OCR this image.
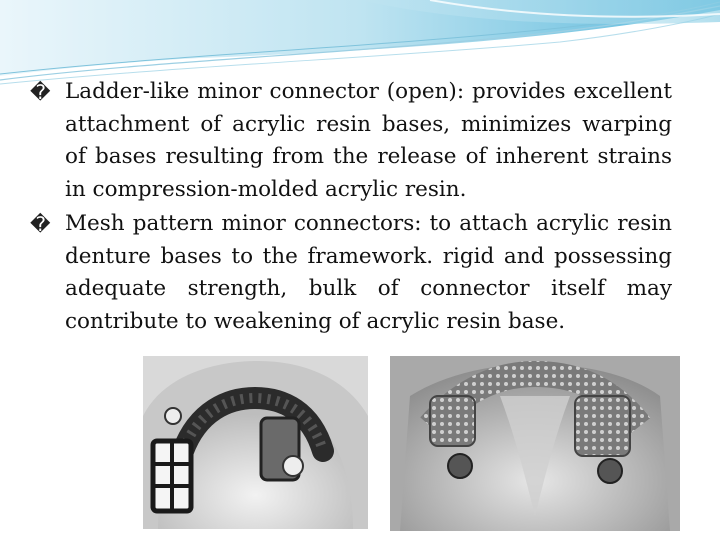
� Ladder-like minor connector (open): provides excellent attachment of acrylic resin bases, minimizes warping of bases resulting from the release of inherent strains in compression-molded acrylic resin.

� Mesh pattern minor connectors: to attach acrylic resin denture bases to the framework. rigid and possessing adequate strength, bulk of connector itself may contribute to weakening of acrylic resin base.
